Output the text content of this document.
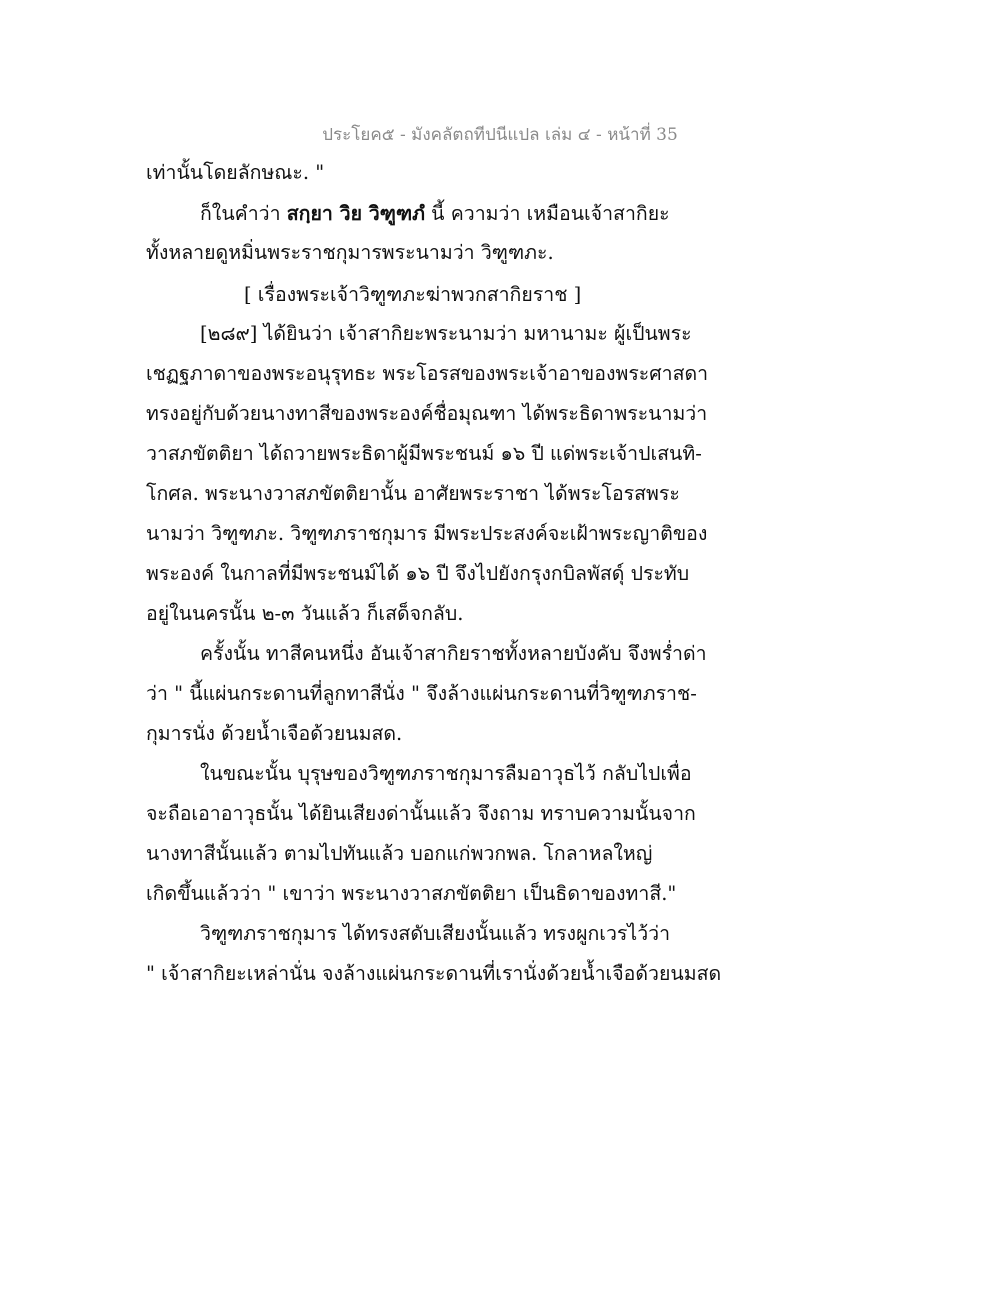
ประโยค๕ - มังคลัตถทีปนีแปล เล่ม ๔ - หน้าที่ 35
เท่านั้นโดยลักษณะ. "
ก็ในคำว่า สกฺยา วิย วิฑูฑภํ นี้ ความว่า เหมือนเจ้าสากิยะ
ทั้งหลายดูหมิ่นพระราชกุมารพระนามว่า วิฑูฑภะ.
[ เรื่องพระเจ้าวิฑูฑภะฆ่าพวกสากิยราช ]
[๒๘๙] ได้ยินว่า เจ้าสากิยะพระนามว่า มหานามะ ผู้เป็นพระ
เชฏฐภาดาของพระอนุรุทธะ พระโอรสของพระเจ้าอาของพระศาสดา
ทรงอยู่กับด้วยนางทาสีของพระองค์ชื่อมุณฑา ได้พระธิดาพระนามว่า
วาสภขัตติยา ได้ถวายพระธิดาผู้มีพระชนม์ ๑๖ ปี แด่พระเจ้าปเสนทิ-
โกศล. พระนางวาสภขัตติยานั้น อาศัยพระราชา ได้พระโอรสพระ
นามว่า วิฑูฑภะ. วิฑูฑภราชกุมาร มีพระประสงค์จะเฝ้าพระญาติของ
พระองค์ ในกาลที่มีพระชนม์ได้ ๑๖ ปี จึงไปยังกรุงกบิลพัสดุ์ ประทับ
อยู่ในนครนั้น ๒-๓ วันแล้ว ก็เสด็จกลับ.
ครั้งนั้น ทาสีคนหนึ่ง อันเจ้าสากิยราชทั้งหลายบังคับ จึงพร่ำด่า
ว่า " นี้แผ่นกระดานที่ลูกทาสีนั่ง " จึงล้างแผ่นกระดานที่วิฑูฑภราช-
กุมารนั่ง ด้วยน้ำเจือด้วยนมสด.
ในขณะนั้น บุรุษของวิฑูฑภราชกุมารลืมอาวุธไว้ กลับไปเพื่อ
จะถือเอาอาวุธนั้น ได้ยินเสียงด่านั้นแล้ว จึงถาม ทราบความนั้นจาก
นางทาสีนั้นแล้ว ตามไปทันแล้ว บอกแก่พวกพล. โกลาหลใหญ่
เกิดขึ้นแล้วว่า " เขาว่า พระนางวาสภขัตติยา เป็นธิดาของทาสี."
วิฑูฑภราชกุมาร ได้ทรงสดับเสียงนั้นแล้ว ทรงผูกเวรไว้ว่า
" เจ้าสากิยะเหล่านั่น จงล้างแผ่นกระดานที่เรานั่งด้วยน้ำเจือด้วยนมสด
